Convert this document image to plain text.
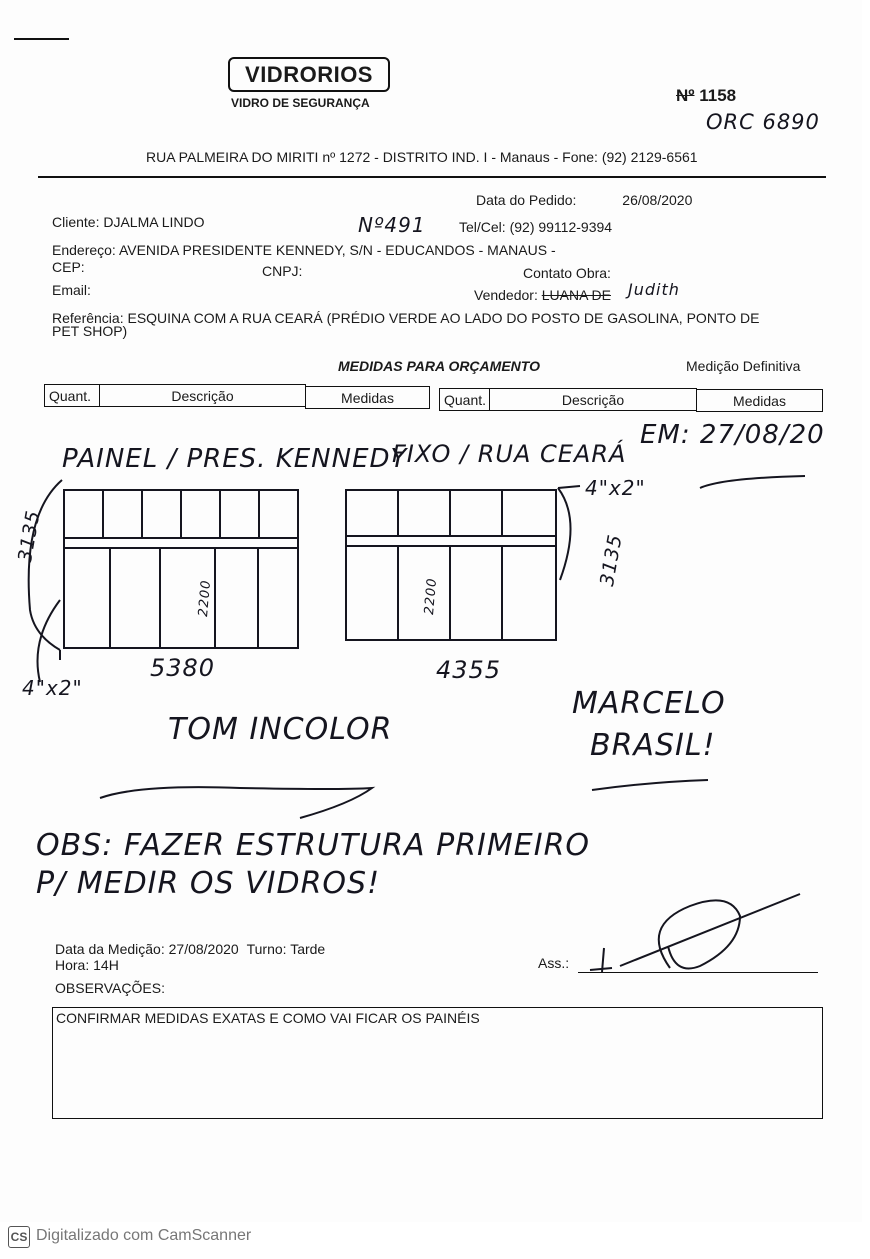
VIDRORIOS
VIDRO DE SEGURANÇA	Nº 1158
ORC 6890
RUA PALMEIRA DO MIRITI nº 1272 - DISTRITO IND. I - Manaus - Fone: (92) 2129-6561
Data do Pedido:	26/08/2020
Cliente: DJALMA LINDO	Nº491 Tel/Cel: (92) 99112-9394
Endereço: AVENIDA PRESIDENTE KENNEDY, S/N - EDUCANDOS - MANAUS -
CEP:	CNPJ:	Contato Obra:
Email:	Vendedor: LUANA DE Judith
Referência: ESQUINA COM A RUA CEARÁ (PRÉDIO VERDE AO LADO DO POSTO DE GASOLINA, PONTO DE
PET SHOP)
MEDIDAS PARA ORÇAMENTO	Medição Definitiva
Quant.	Descrição	Medidas	Quant.	Descrição	Medidas
PAINEL / PRES. KENNEDY
FIXO / RUA CEARÁ
EM: 27/08/20
4"x2"
3135	3135
2200	2200
5380	4355
4"x2"
TOM INCOLOR
MARCELO
BRASIL!
OBS: FAZER ESTRUTURA PRIMEIRO
P/ MEDIR OS VIDROS!
Data da Medição: 27/08/2020 Turno: Tarde
Hora: 14H	Ass.:
OBSERVAÇÕES:
CONFIRMAR MEDIDAS EXATAS E COMO VAI FICAR OS PAINÉIS
CS Digitalizado com CamScanner
